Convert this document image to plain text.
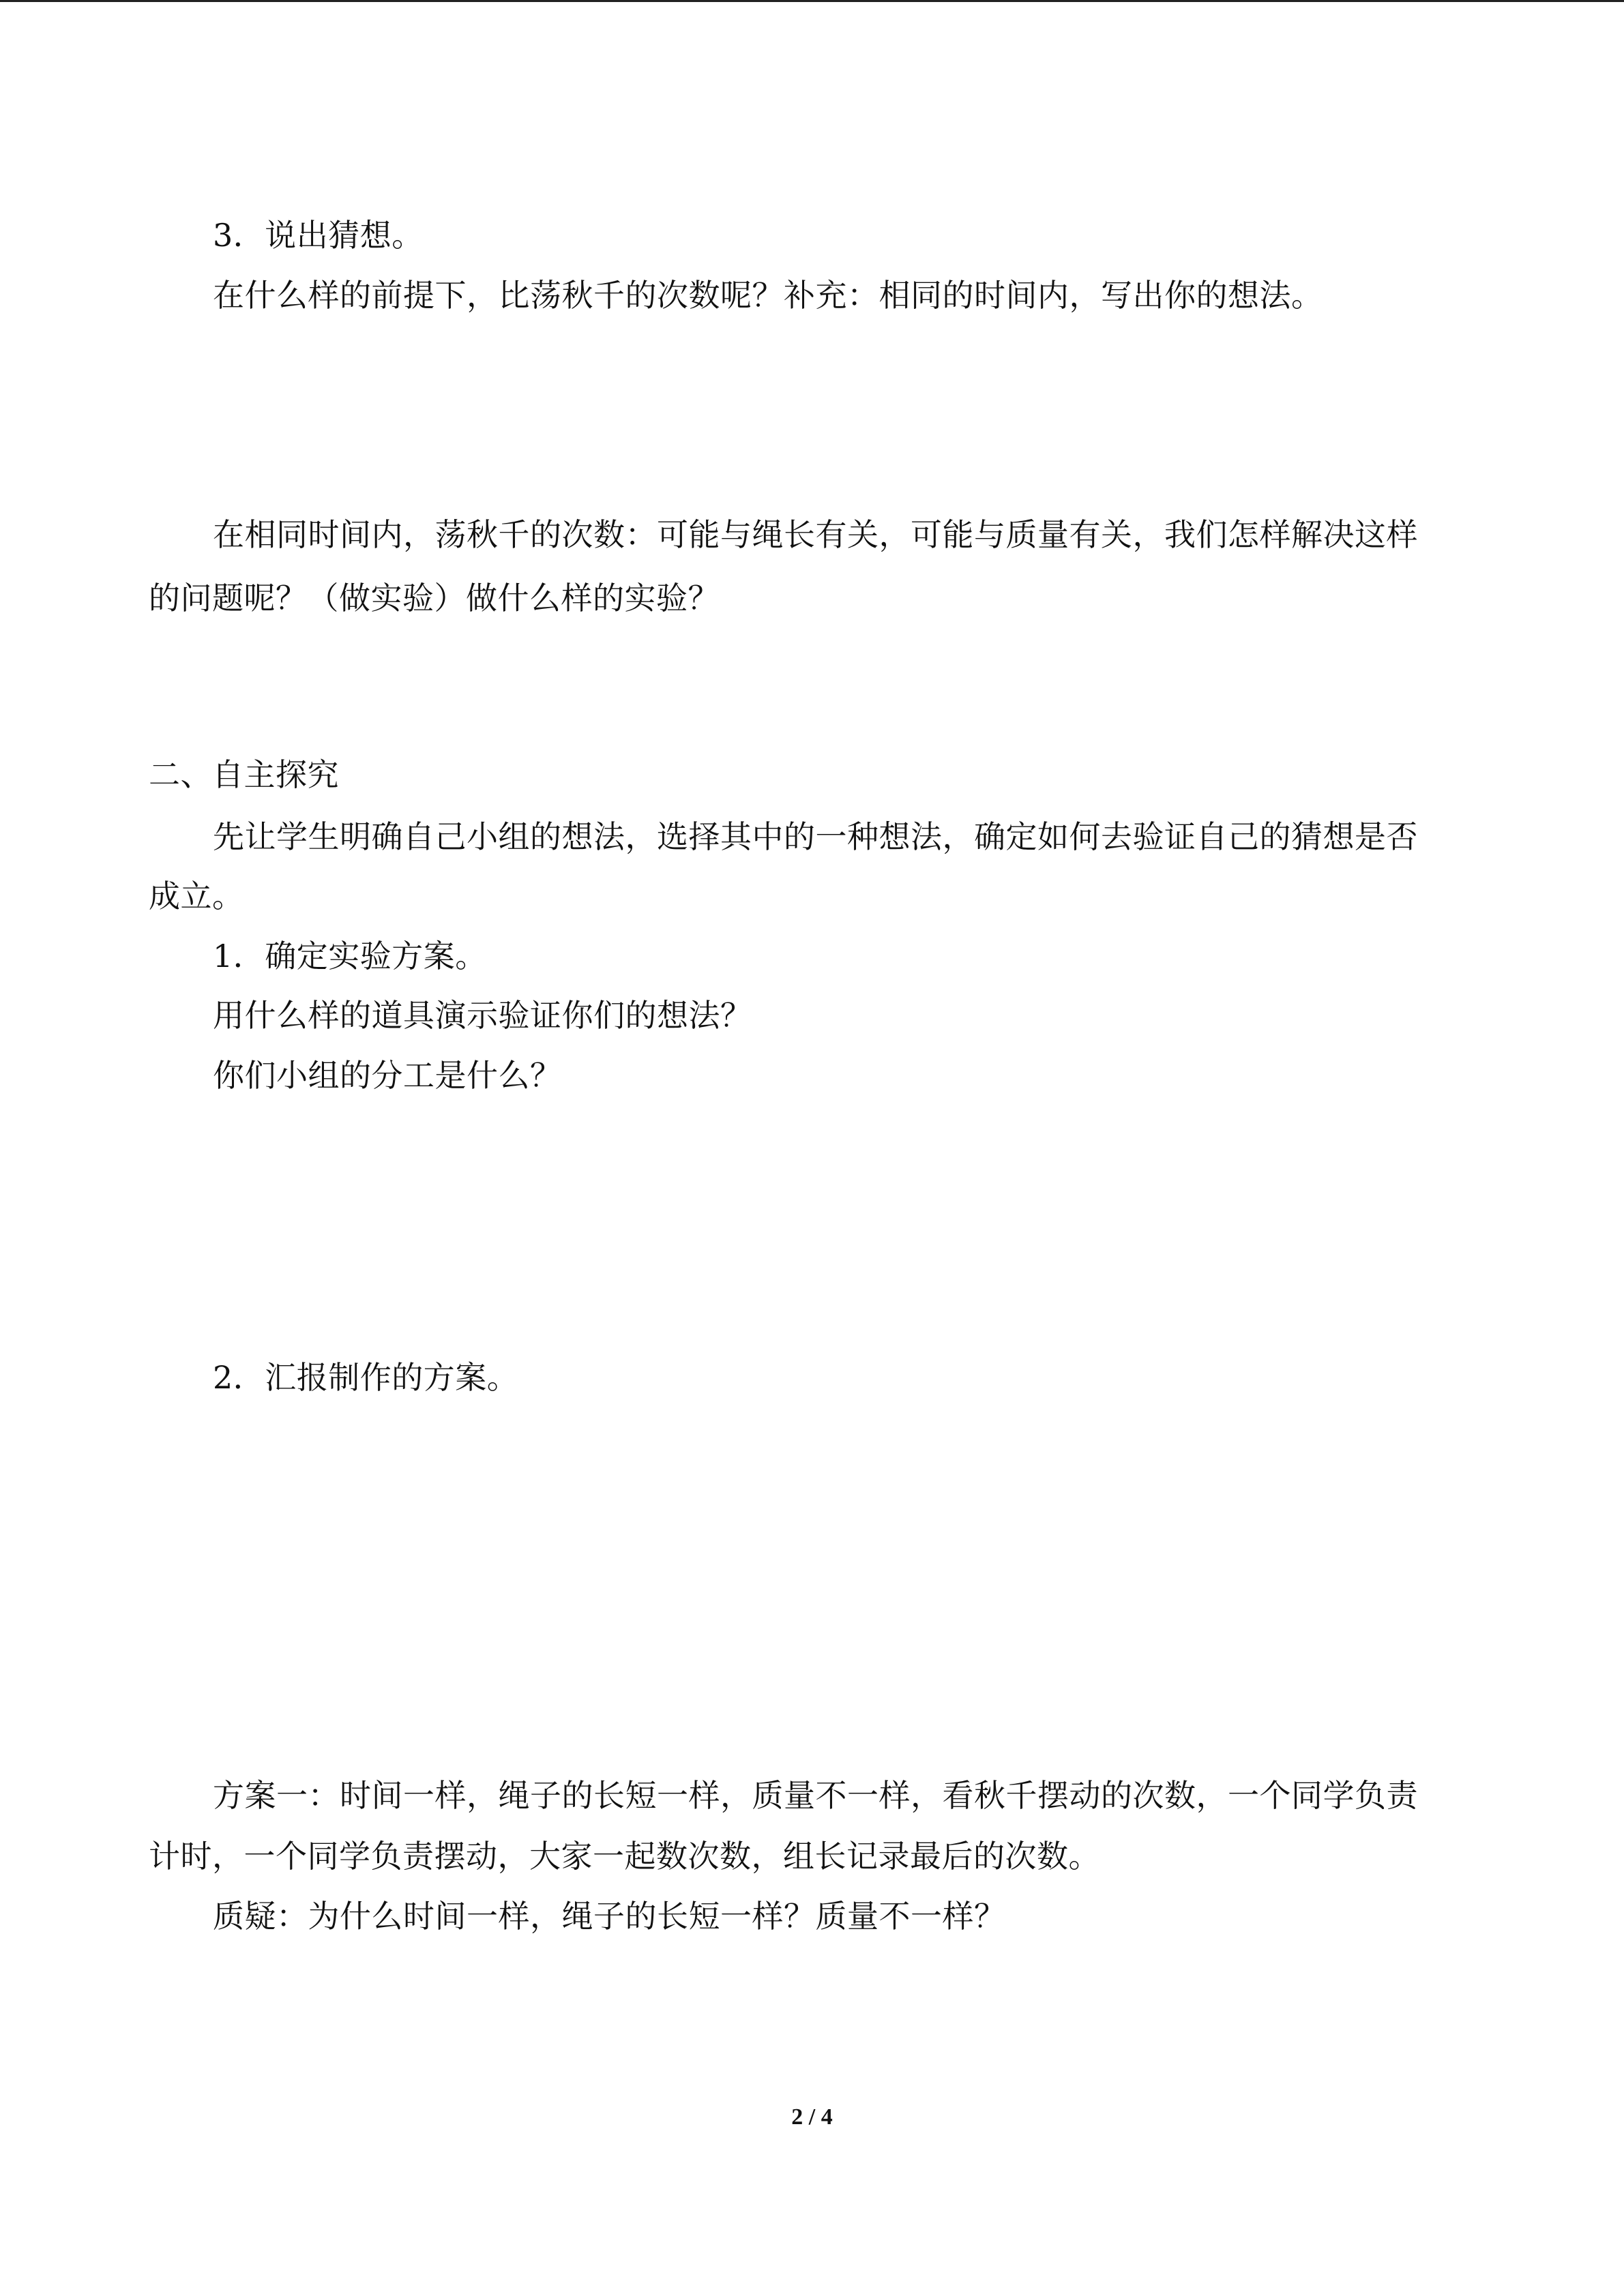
3．说出猜想。
在什么样的前提下，比荡秋千的次数呢？补充：相同的时间内，写出你的想法。
在相同时间内，荡秋千的次数：可能与绳长有关，可能与质量有关，我们怎样解决这样
的问题呢？（做实验）做什么样的实验？
二、自主探究
先让学生明确自己小组的想法，选择其中的一种想法，确定如何去验证自己的猜想是否
成立。
1．确定实验方案。
用什么样的道具演示验证你们的想法？
你们小组的分工是什么？
2．汇报制作的方案。
方案一：时间一样，绳子的长短一样，质量不一样，看秋千摆动的次数，一个同学负责
计时，一个同学负责摆动，大家一起数次数，组长记录最后的次数。
质疑：为什么时间一样，绳子的长短一样？质量不一样？
2 / 4
